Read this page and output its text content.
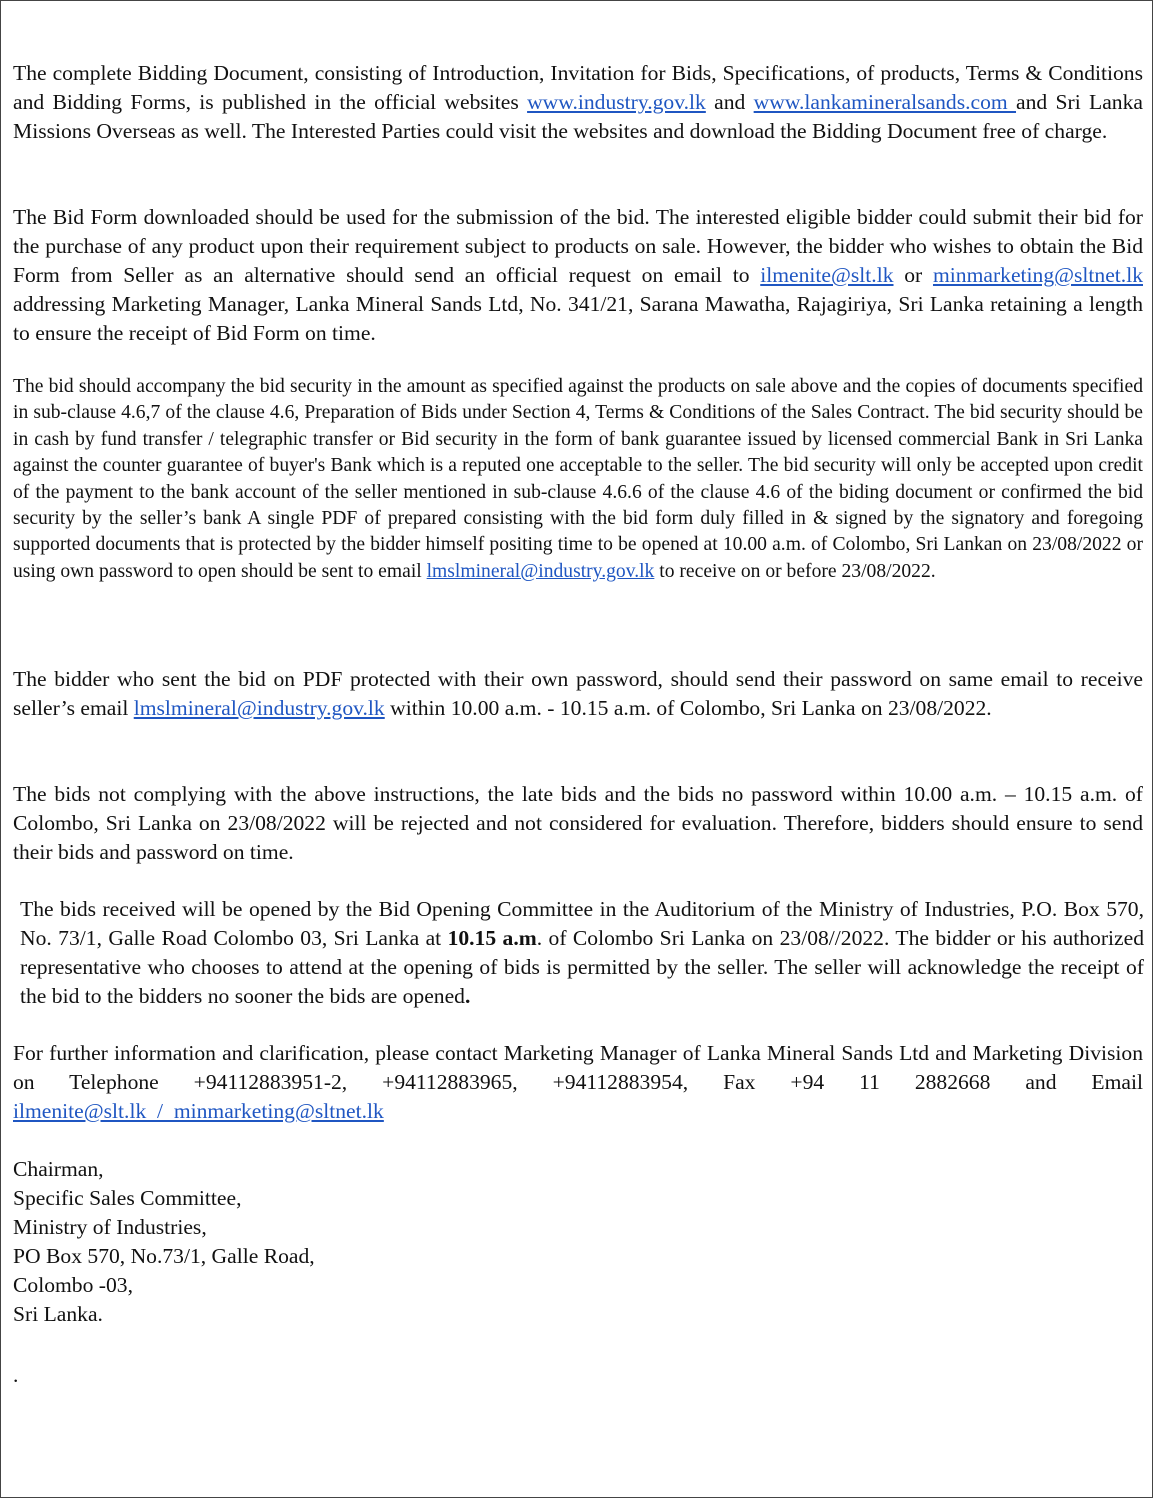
The complete Bidding Document, consisting of Introduction, Invitation for Bids, Specifications, of products, Terms & Conditions and Bidding Forms, is published in the official websites www.industry.gov.lk and www.lankamineralsands.com and Sri Lanka Missions Overseas as well. The Interested Parties could visit the websites and download the Bidding Document free of charge.

The Bid Form downloaded should be used for the submission of the bid. The interested eligible bidder could submit their bid for the purchase of any product upon their requirement subject to products on sale. However, the bidder who wishes to obtain the Bid Form from Seller as an alternative should send an official request on email to ilmenite@slt.lk or minmarketing@sltnet.lk addressing Marketing Manager, Lanka Mineral Sands Ltd, No. 341/21, Sarana Mawatha, Rajagiriya, Sri Lanka retaining a length to ensure the receipt of Bid Form on time.

The bid should accompany the bid security in the amount as specified against the products on sale above and the copies of documents specified in sub-clause 4.6,7 of the clause 4.6, Preparation of Bids under Section 4, Terms & Conditions of the Sales Contract. The bid security should be in cash by fund transfer / telegraphic transfer or Bid security in the form of bank guarantee issued by licensed commercial Bank in Sri Lanka against the counter guarantee of buyer's Bank which is a reputed one acceptable to the seller. The bid security will only be accepted upon credit of the payment to the bank account of the seller mentioned in sub-clause 4.6.6 of the clause 4.6 of the biding document or confirmed the bid security by the seller’s bank A single PDF of prepared consisting with the bid form duly filled in & signed by the signatory and foregoing supported documents that is protected by the bidder himself positing time to be opened at 10.00 a.m. of Colombo, Sri Lankan on 23/08/2022 or using own password to open should be sent to email lmslmineral@industry.gov.lk to receive on or before 23/08/2022.

The bidder who sent the bid on PDF protected with their own password, should send their password on same email to receive seller’s email lmslmineral@industry.gov.lk within 10.00 a.m. - 10.15 a.m. of Colombo, Sri Lanka on 23/08/2022.

The bids not complying with the above instructions, the late bids and the bids no password within 10.00 a.m. – 10.15 a.m. of Colombo, Sri Lanka on 23/08/2022 will be rejected and not considered for evaluation. Therefore, bidders should ensure to send their bids and password on time.

The bids received will be opened by the Bid Opening Committee in the Auditorium of the Ministry of Industries, P.O. Box 570, No. 73/1, Galle Road Colombo 03, Sri Lanka at 10.15 a.m. of Colombo Sri Lanka on 23/08//2022. The bidder or his authorized representative who chooses to attend at the opening of bids is permitted by the seller. The seller will acknowledge the receipt of the bid to the bidders no sooner the bids are opened.

For further information and clarification, please contact Marketing Manager of Lanka Mineral Sands Ltd and Marketing Division on Telephone +94112883951-2, +94112883965, +94112883954, Fax +94 11 2882668 and Email ilmenite@slt.lk  /  minmarketing@sltnet.lk

Chairman,
Specific Sales Committee,
Ministry of Industries,
PO Box 570, No.73/1, Galle Road,
Colombo -03,
Sri Lanka.
.
